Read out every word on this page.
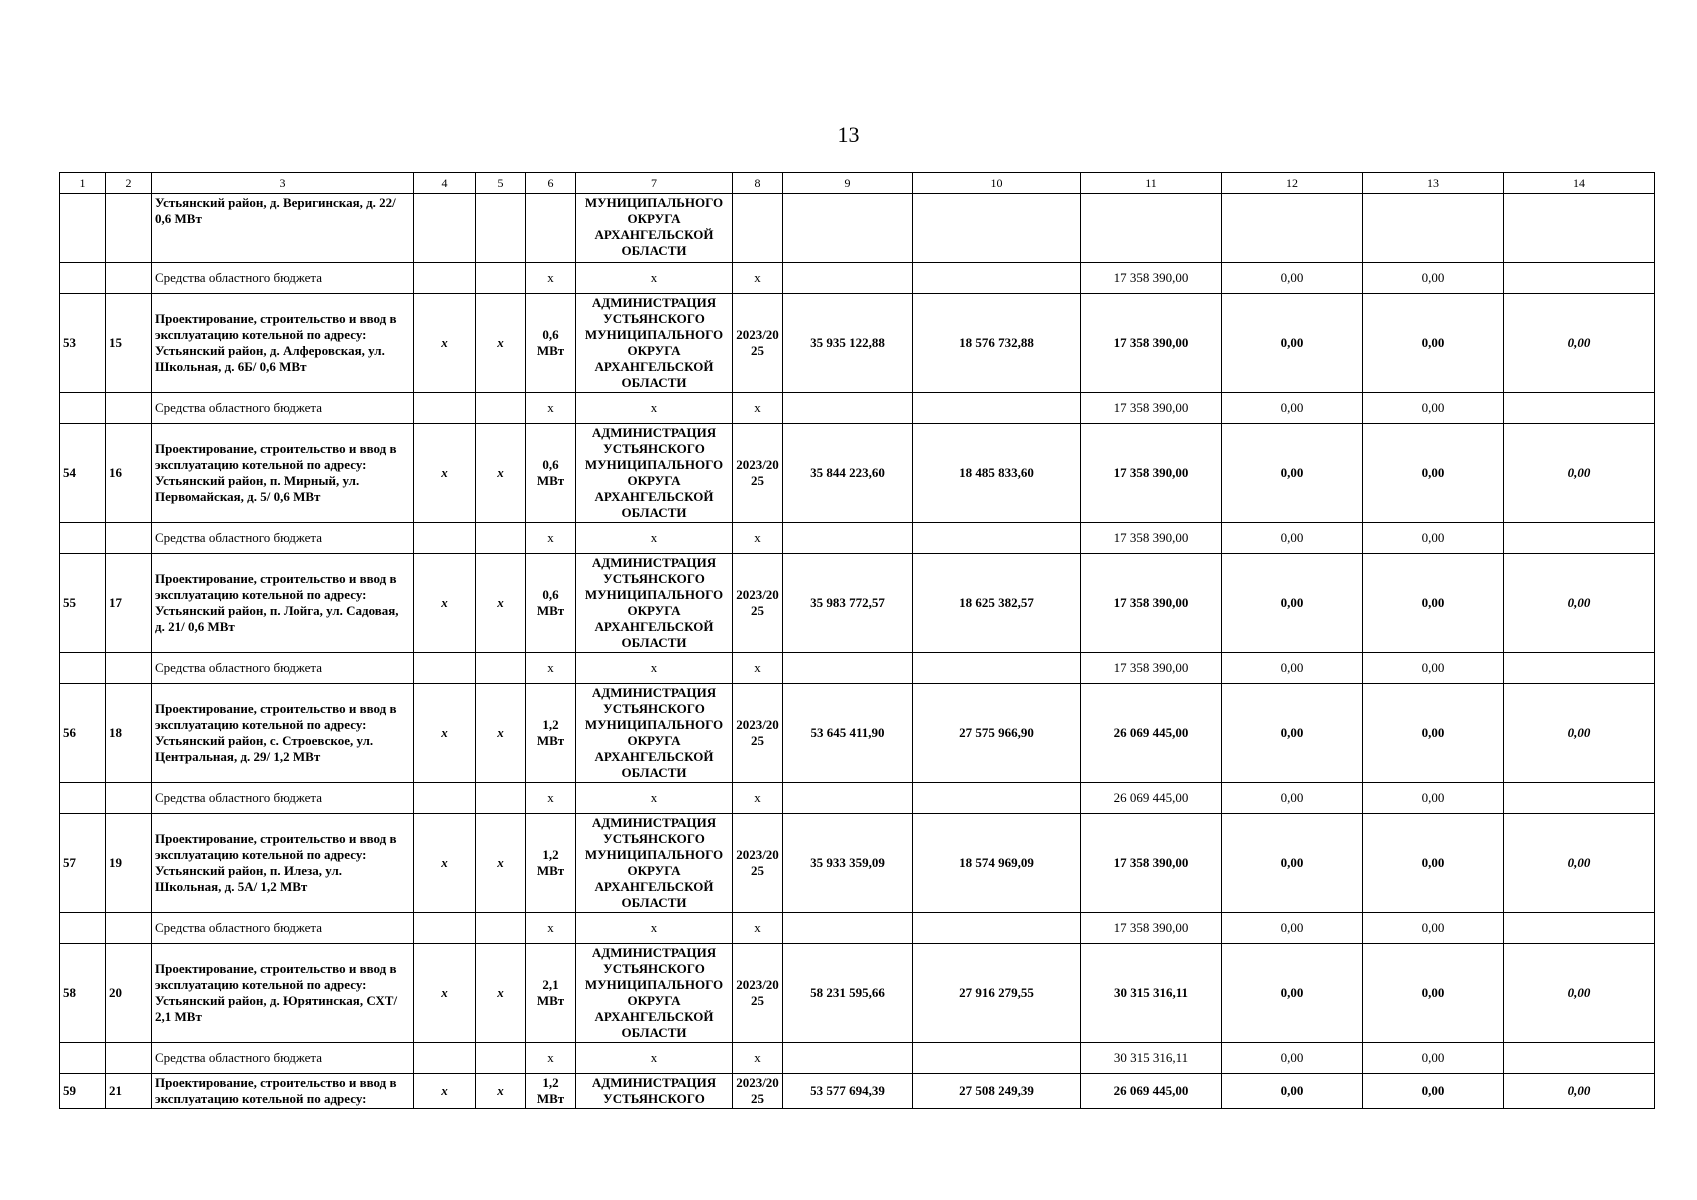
13
1	2	3	4	5	6	7	8	9	10	11	12	13	14
		Устьянский район, д. Веригинская, д. 22/ 0,6 МВт				МУНИЦИПАЛЬНОГО ОКРУГА АРХАНГЕЛЬСКОЙ ОБЛАСТИ							
		Средства областного бюджета			x	x	x			17 358 390,00	0,00	0,00	
53	15	Проектирование, строительство и ввод в эксплуатацию котельной по адресу: Устьянский район, д. Алферовская, ул. Школьная, д. 6Б/ 0,6 МВт	x	x	0,6 МВт	АДМИНИСТРАЦИЯ УСТЬЯНСКОГО МУНИЦИПАЛЬНОГО ОКРУГА АРХАНГЕЛЬСКОЙ ОБЛАСТИ	2023/20 25	35 935 122,88	18 576 732,88	17 358 390,00	0,00	0,00	0,00
		Средства областного бюджета			x	x	x			17 358 390,00	0,00	0,00	
54	16	Проектирование, строительство и ввод в эксплуатацию котельной по адресу: Устьянский район, п. Мирный, ул. Первомайская, д. 5/ 0,6 МВт	x	x	0,6 МВт	АДМИНИСТРАЦИЯ УСТЬЯНСКОГО МУНИЦИПАЛЬНОГО ОКРУГА АРХАНГЕЛЬСКОЙ ОБЛАСТИ	2023/20 25	35 844 223,60	18 485 833,60	17 358 390,00	0,00	0,00	0,00
		Средства областного бюджета			x	x	x			17 358 390,00	0,00	0,00	
55	17	Проектирование, строительство и ввод в эксплуатацию котельной по адресу: Устьянский район, п. Лойга, ул. Садовая, д. 21/ 0,6 МВт	x	x	0,6 МВт	АДМИНИСТРАЦИЯ УСТЬЯНСКОГО МУНИЦИПАЛЬНОГО ОКРУГА АРХАНГЕЛЬСКОЙ ОБЛАСТИ	2023/20 25	35 983 772,57	18 625 382,57	17 358 390,00	0,00	0,00	0,00
		Средства областного бюджета			x	x	x			17 358 390,00	0,00	0,00	
56	18	Проектирование, строительство и ввод в эксплуатацию котельной по адресу: Устьянский район, с. Строевское, ул. Центральная, д. 29/ 1,2 МВт	x	x	1,2 МВт	АДМИНИСТРАЦИЯ УСТЬЯНСКОГО МУНИЦИПАЛЬНОГО ОКРУГА АРХАНГЕЛЬСКОЙ ОБЛАСТИ	2023/20 25	53 645 411,90	27 575 966,90	26 069 445,00	0,00	0,00	0,00
		Средства областного бюджета			x	x	x			26 069 445,00	0,00	0,00	
57	19	Проектирование, строительство и ввод в эксплуатацию котельной по адресу: Устьянский район, п. Илеза, ул. Школьная, д. 5А/ 1,2 МВт	x	x	1,2 МВт	АДМИНИСТРАЦИЯ УСТЬЯНСКОГО МУНИЦИПАЛЬНОГО ОКРУГА АРХАНГЕЛЬСКОЙ ОБЛАСТИ	2023/20 25	35 933 359,09	18 574 969,09	17 358 390,00	0,00	0,00	0,00
		Средства областного бюджета			x	x	x			17 358 390,00	0,00	0,00	
58	20	Проектирование, строительство и ввод в эксплуатацию котельной по адресу: Устьянский район, д. Юрятинская, СХТ/ 2,1 МВт	x	x	2,1 МВт	АДМИНИСТРАЦИЯ УСТЬЯНСКОГО МУНИЦИПАЛЬНОГО ОКРУГА АРХАНГЕЛЬСКОЙ ОБЛАСТИ	2023/20 25	58 231 595,66	27 916 279,55	30 315 316,11	0,00	0,00	0,00
		Средства областного бюджета			x	x	x			30 315 316,11	0,00	0,00	
59	21	Проектирование, строительство и ввод в эксплуатацию котельной по адресу:	x	x	1,2 МВт	АДМИНИСТРАЦИЯ УСТЬЯНСКОГО	2023/20 25	53 577 694,39	27 508 249,39	26 069 445,00	0,00	0,00	0,00
